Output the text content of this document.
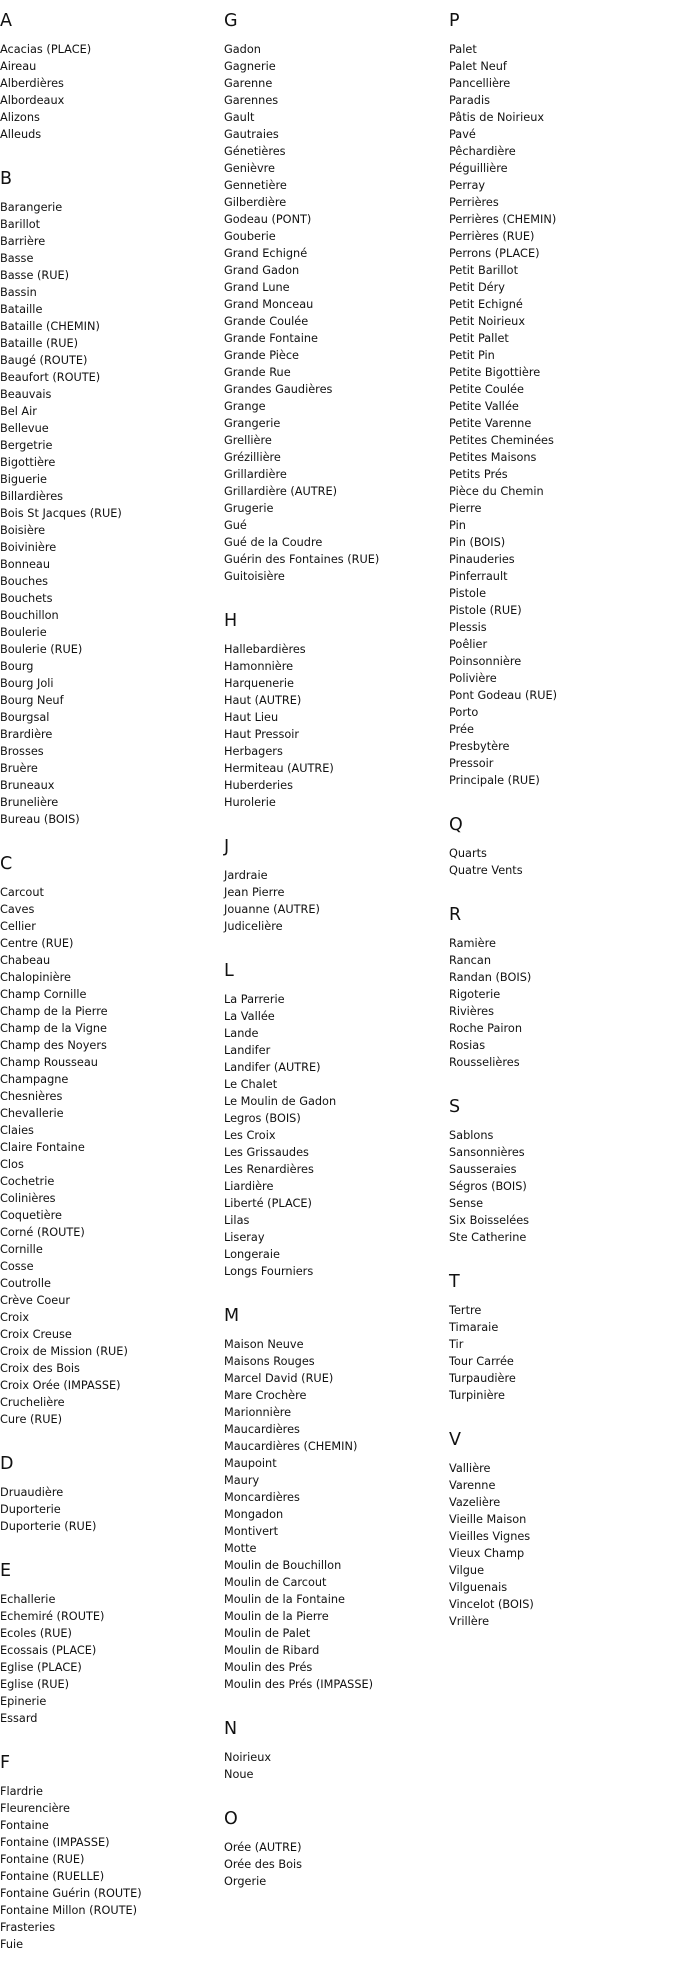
A
Acacias (PLACE)
Aireau
Alberdières
Albordeaux
Alizons
Alleuds
B
Barangerie
Barillot
Barrière
Basse
Basse (RUE)
Bassin
Bataille
Bataille (CHEMIN)
Bataille (RUE)
Baugé (ROUTE)
Beaufort (ROUTE)
Beauvais
Bel Air
Bellevue
Bergetrie
Bigottière
Biguerie
Billardières
Bois St Jacques (RUE)
Boisière
Boivinière
Bonneau
Bouches
Bouchets
Bouchillon
Boulerie
Boulerie (RUE)
Bourg
Bourg Joli
Bourg Neuf
Bourgsal
Brardière
Brosses
Bruère
Bruneaux
Brunelière
Bureau (BOIS)
C
Carcout
Caves
Cellier
Centre (RUE)
Chabeau
Chalopinière
Champ Cornille
Champ de la Pierre
Champ de la Vigne
Champ des Noyers
Champ Rousseau
Champagne
Chesnières
Chevallerie
Claies
Claire Fontaine
Clos
Cochetrie
Colinières
Coquetière
Corné (ROUTE)
Cornille
Cosse
Coutrolle
Crève Coeur
Croix
Croix Creuse
Croix de Mission (RUE)
Croix des Bois
Croix Orée (IMPASSE)
Cruchelière
Cure (RUE)
D
Druaudière
Duporterie
Duporterie (RUE)
E
Echallerie
Echemiré (ROUTE)
Ecoles (RUE)
Ecossais (PLACE)
Eglise (PLACE)
Eglise (RUE)
Epinerie
Essard
F
Flardrie
Fleurencière
Fontaine
Fontaine (IMPASSE)
Fontaine (RUE)
Fontaine (RUELLE)
Fontaine Guérin (ROUTE)
Fontaine Millon (ROUTE)
Frasteries
Fuie
G
Gadon
Gagnerie
Garenne
Garennes
Gault
Gautraies
Génetières
Genièvre
Gennetière
Gilberdière
Godeau (PONT)
Gouberie
Grand Echigné
Grand Gadon
Grand Lune
Grand Monceau
Grande Coulée
Grande Fontaine
Grande Pièce
Grande Rue
Grandes Gaudières
Grange
Grangerie
Grellière
Grézillière
Grillardière
Grillardière (AUTRE)
Grugerie
Gué
Gué de la Coudre
Guérin des Fontaines (RUE)
Guitoisière
H
Hallebardières
Hamonnière
Harquenerie
Haut (AUTRE)
Haut Lieu
Haut Pressoir
Herbagers
Hermiteau (AUTRE)
Huberderies
Hurolerie
J
Jardraie
Jean Pierre
Jouanne (AUTRE)
Judicelière
L
La Parrerie
La Vallée
Lande
Landifer
Landifer (AUTRE)
Le Chalet
Le Moulin de Gadon
Legros (BOIS)
Les Croix
Les Grissaudes
Les Renardières
Liardière
Liberté (PLACE)
Lilas
Liseray
Longeraie
Longs Fourniers
M
Maison Neuve
Maisons Rouges
Marcel David (RUE)
Mare Crochère
Marionnière
Maucardières
Maucardières (CHEMIN)
Maupoint
Maury
Moncardières
Mongadon
Montivert
Motte
Moulin de Bouchillon
Moulin de Carcout
Moulin de la Fontaine
Moulin de la Pierre
Moulin de Palet
Moulin de Ribard
Moulin des Prés
Moulin des Prés (IMPASSE)
N
Noirieux
Noue
O
Orée (AUTRE)
Orée des Bois
Orgerie
P
Palet
Palet Neuf
Pancellière
Paradis
Pâtis de Noirieux
Pavé
Pêchardière
Péguillière
Perray
Perrières
Perrières (CHEMIN)
Perrières (RUE)
Perrons (PLACE)
Petit Barillot
Petit Déry
Petit Echigné
Petit Noirieux
Petit Pallet
Petit Pin
Petite Bigottière
Petite Coulée
Petite Vallée
Petite Varenne
Petites Cheminées
Petites Maisons
Petits Prés
Pièce du Chemin
Pierre
Pin
Pin (BOIS)
Pinauderies
Pinferrault
Pistole
Pistole (RUE)
Plessis
Poêlier
Poinsonnière
Polivière
Pont Godeau (RUE)
Porto
Prée
Presbytère
Pressoir
Principale (RUE)
Q
Quarts
Quatre Vents
R
Ramière
Rancan
Randan (BOIS)
Rigoterie
Rivières
Roche Pairon
Rosias
Rousselières
S
Sablons
Sansonnières
Sausseraies
Ségros (BOIS)
Sense
Six Boisselées
Ste Catherine
T
Tertre
Timaraie
Tir
Tour Carrée
Turpaudière
Turpinière
V
Vallière
Varenne
Vazelière
Vieille Maison
Vieilles Vignes
Vieux Champ
Vilgue
Vilguenais
Vincelot (BOIS)
Vrillère
